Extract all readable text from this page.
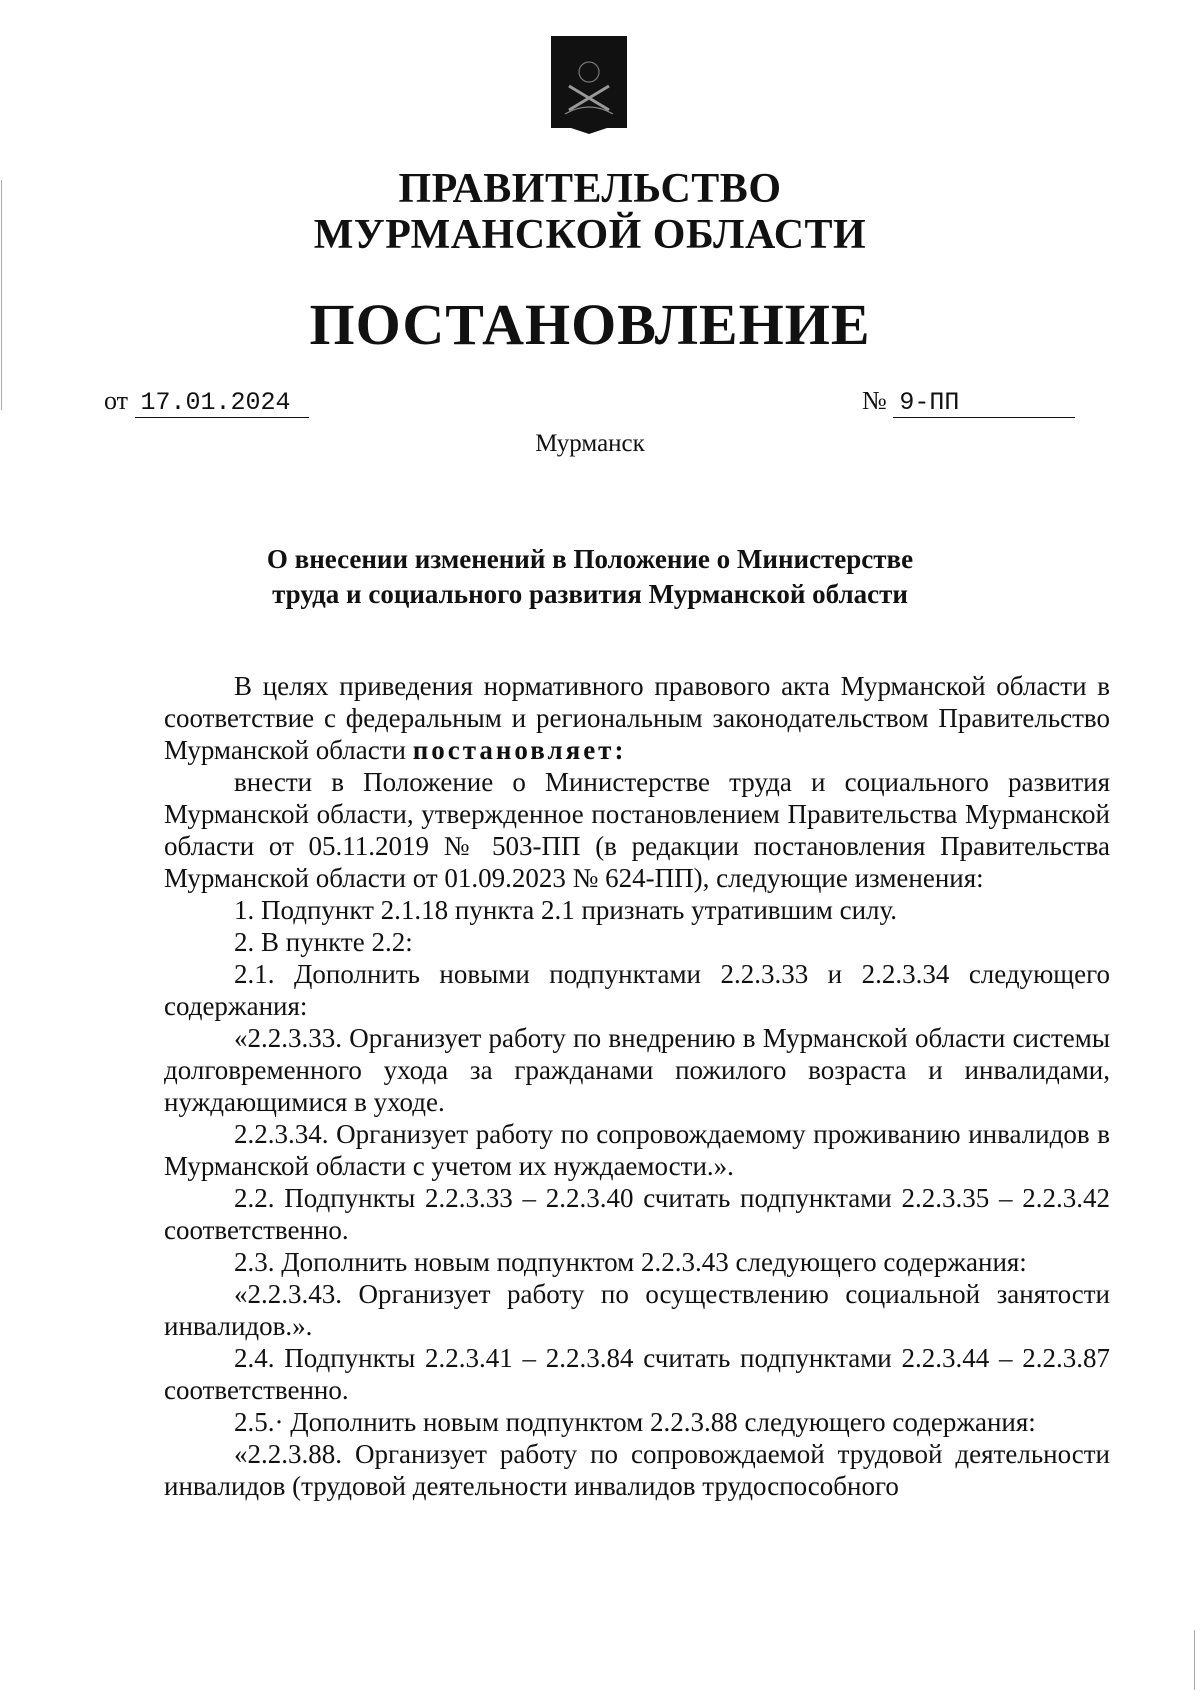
ПРАВИТЕЛЬСТВО
МУРМАНСКОЙ ОБЛАСТИ
ПОСТАНОВЛЕНИЕ
от 17.01.2024	№ 9-ПП
Мурманск
О внесении изменений в Положение о Министерстве
труда и социального развития Мурманской области

В целях приведения нормативного правового акта Мурманской области в соответствие с федеральным и региональным законодательством Правительство Мурманской области постановляет:

внести в Положение о Министерстве труда и социального развития Мурманской области, утвержденное постановлением Правительства Мурманской области от 05.11.2019 № 503-ПП (в редакции постановления Правительства Мурманской области от 01.09.2023 № 624-ПП), следующие изменения:

1. Подпункт 2.1.18 пункта 2.1 признать утратившим силу.

2. В пункте 2.2:

2.1. Дополнить новыми подпунктами 2.2.3.33 и 2.2.3.34 следующего содержания:

«2.2.3.33. Организует работу по внедрению в Мурманской области системы долговременного ухода за гражданами пожилого возраста и инвалидами, нуждающимися в уходе.

2.2.3.34. Организует работу по сопровождаемому проживанию инвалидов в Мурманской области с учетом их нуждаемости.».

2.2. Подпункты 2.2.3.33 – 2.2.3.40 считать подпунктами 2.2.3.35 – 2.2.3.42 соответственно.

2.3. Дополнить новым подпунктом 2.2.3.43 следующего содержания:

«2.2.3.43. Организует работу по осуществлению социальной занятости инвалидов.».

2.4. Подпункты 2.2.3.41 – 2.2.3.84 считать подпунктами 2.2.3.44 – 2.2.3.87 соответственно.

2.5.· Дополнить новым подпунктом 2.2.3.88 следующего содержания:

«2.2.3.88. Организует работу по сопровождаемой трудовой деятельности инвалидов (трудовой деятельности инвалидов трудоспособного
